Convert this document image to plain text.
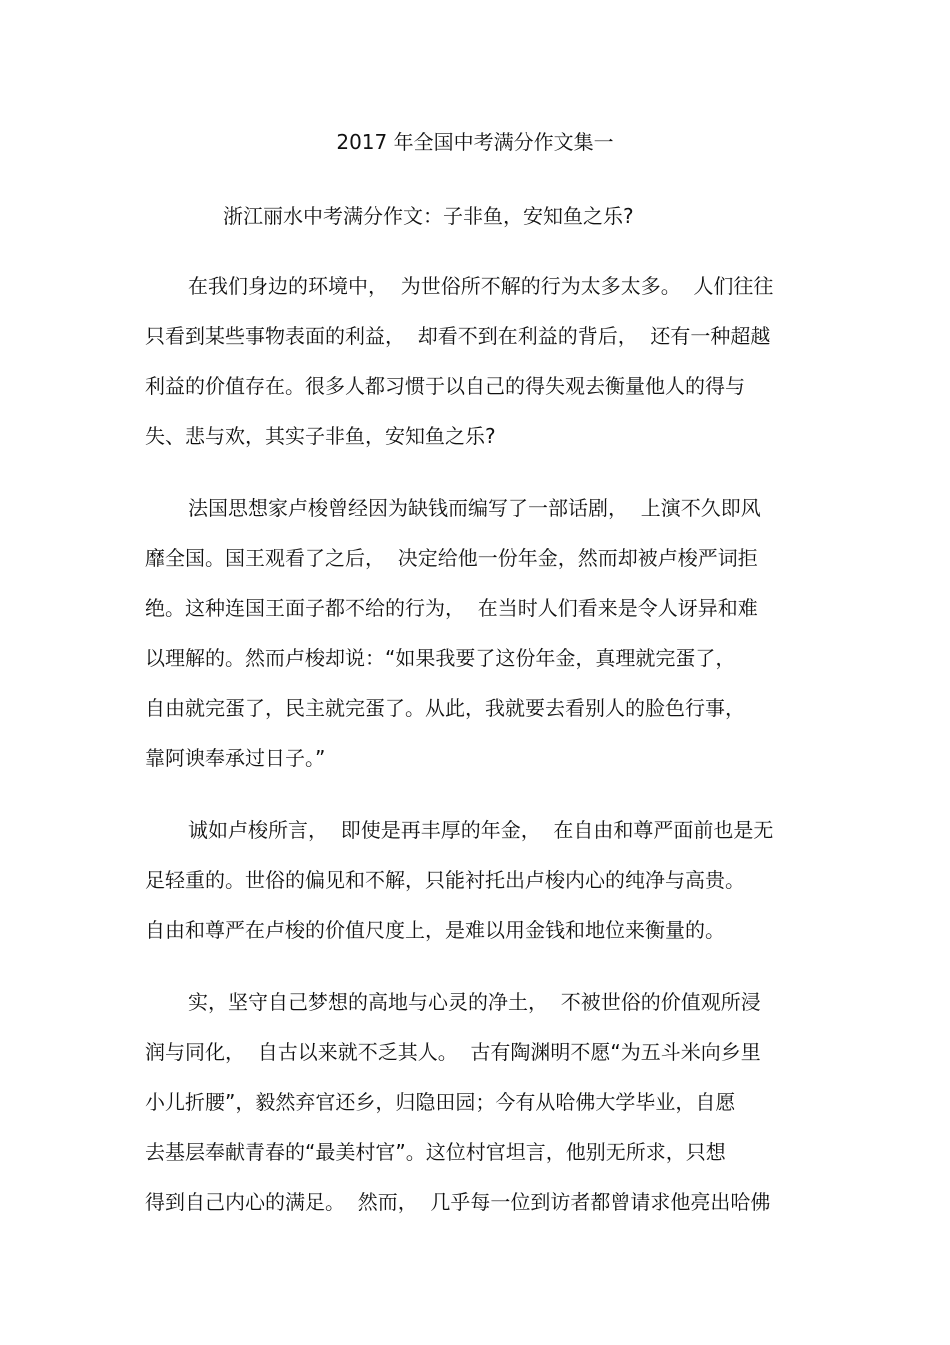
2017 年全国中考满分作文集一
浙江丽水中考满分作文：子非鱼，安知鱼之乐?
在我们身边的环境中，  为世俗所不解的行为太多太多。  人们往往
只看到某些事物表面的利益，  却看不到在利益的背后，  还有一种超越
利益的价值存在。很多人都习惯于以自己的得失观去衡量他人的得与
失、悲与欢，其实子非鱼，安知鱼之乐?
法国思想家卢梭曾经因为缺钱而编写了一部话剧，  上演不久即风
靡全国。国王观看了之后，  决定给他一份年金，然而却被卢梭严词拒
绝。这种连国王面子都不给的行为，  在当时人们看来是令人讶异和难
以理解的。然而卢梭却说：“如果我要了这份年金，真理就完蛋了，
自由就完蛋了，民主就完蛋了。从此，我就要去看别人的脸色行事，
靠阿谀奉承过日子。”
诚如卢梭所言，  即使是再丰厚的年金，  在自由和尊严面前也是无
足轻重的。世俗的偏见和不解，只能衬托出卢梭内心的纯净与高贵。
自由和尊严在卢梭的价值尺度上，是难以用金钱和地位来衡量的。
实，坚守自己梦想的高地与心灵的净土，  不被世俗的价值观所浸
润与同化，  自古以来就不乏其人。  古有陶渊明不愿“为五斗米向乡里
小儿折腰”，毅然弃官还乡，归隐田园；今有从哈佛大学毕业，自愿
去基层奉献青春的“最美村官”。这位村官坦言，他别无所求，只想
得到自己内心的满足。  然而，  几乎每一位到访者都曾请求他亮出哈佛
